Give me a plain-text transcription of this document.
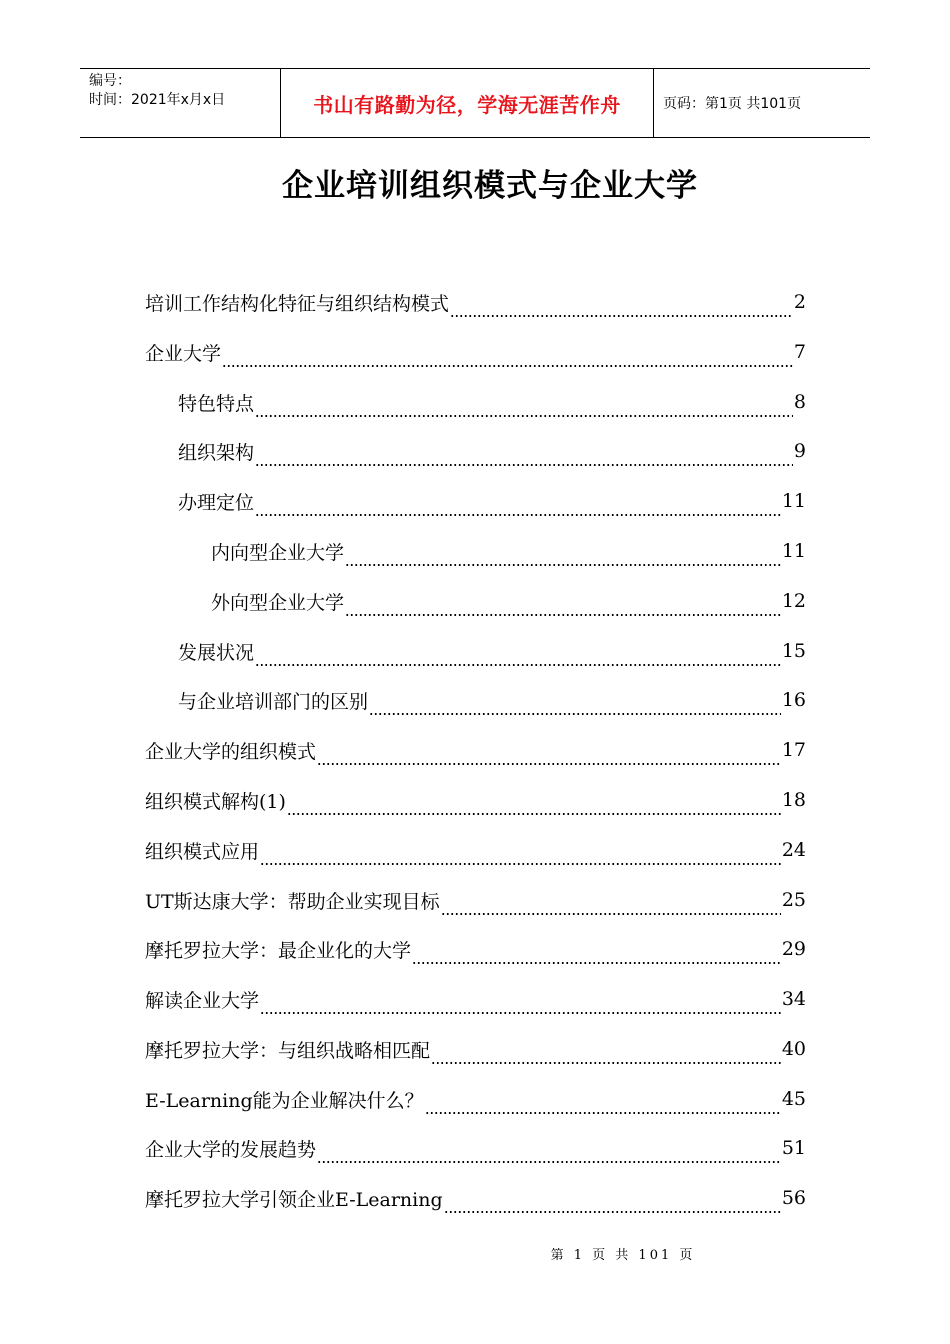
编号：
时间：2021年x月x日	书山有路勤为径，学海无涯苦作舟	页码：第1页 共101页
企业培训组织模式与企业大学
培训工作结构化特征与组织结构模式	2
企业大学	7
特色特点	8
组织架构	9
办理定位	11
内向型企业大学	11
外向型企业大学	12
发展状况	15
与企业培训部门的区别	16
企业大学的组织模式	17
组织模式解构(1)	18
组织模式应用	24
UT斯达康大学：帮助企业实现目标	25
摩托罗拉大学：最企业化的大学	29
解读企业大学	34
摩托罗拉大学：与组织战略相匹配	40
E-Learning能为企业解决什么？	45
企业大学的发展趋势	51
摩托罗拉大学引领企业E-Learning	56
第 1 页 共 101 页
